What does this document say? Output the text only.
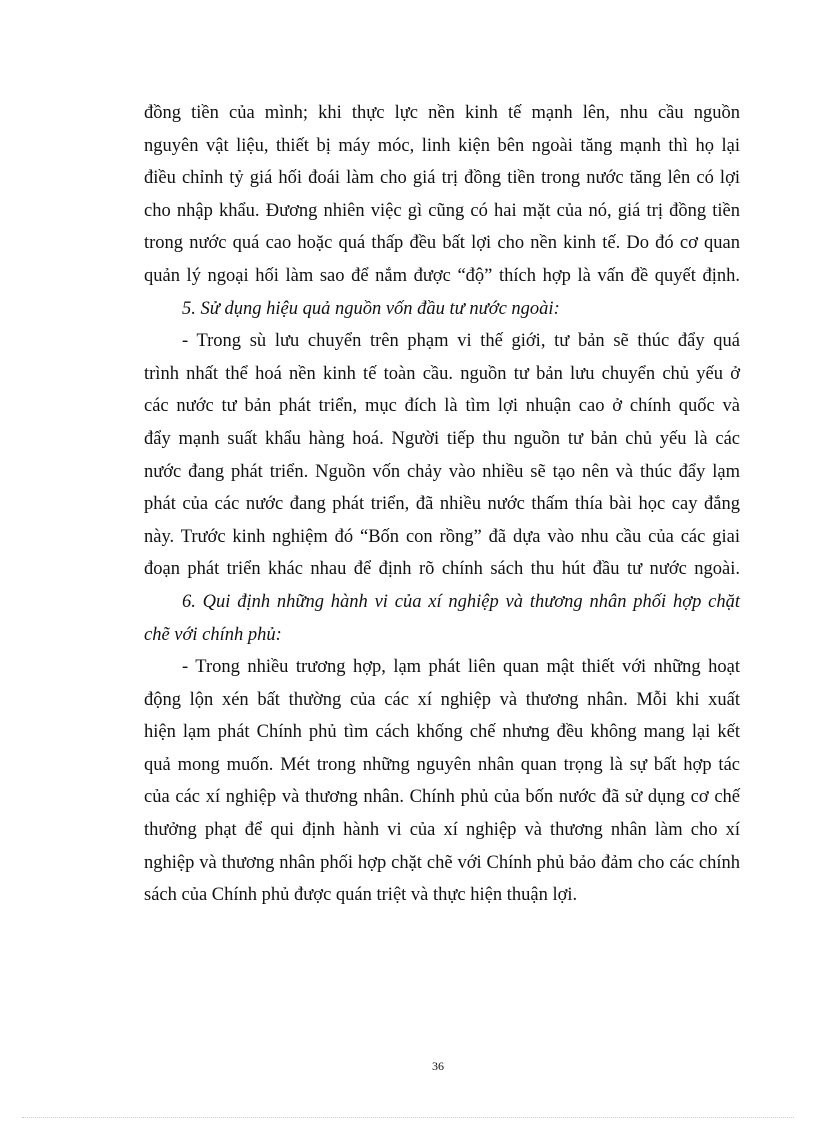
đồng tiền của mình; khi thực lực nền kinh tế mạnh lên, nhu cầu nguồn
nguyên vật liệu, thiết bị máy móc, linh kiện bên ngoài tăng mạnh thì họ lại
điều chỉnh tỷ giá hối đoái làm cho giá trị đồng tiền trong nước tăng lên có lợi
cho nhập khẩu. Đương nhiên việc gì cũng có hai mặt của nó, giá trị đồng tiền
trong nước quá cao hoặc quá thấp đều bất lợi cho nền kinh tế. Do đó cơ quan
quản lý ngoại hối làm sao để nắm được “độ” thích hợp là vấn đề quyết định.
5. Sử dụng hiệu quả nguồn vốn đầu tư nước ngoài:
- Trong sù lưu chuyển trên phạm vi thế giới, tư bản sẽ thúc đẩy quá
trình nhất thể hoá nền kinh tế toàn cầu. nguồn tư bản lưu chuyển chủ yếu ở
các nước tư bản phát triển, mục đích là tìm lợi nhuận cao ở chính quốc và
đẩy mạnh suất khẩu hàng hoá. Người tiếp thu nguồn tư bản chủ yếu là các
nước đang phát triển. Nguồn vốn chảy vào nhiều sẽ tạo nên và thúc đẩy lạm
phát của các nước đang phát triển, đã nhiều nước thấm thía bài học cay đắng
này. Trước kinh nghiệm đó “Bốn con rồng” đã dựa vào nhu cầu của các giai
đoạn phát triển khác nhau để định rõ chính sách thu hút đầu tư nước ngoài.
6. Qui định những hành vi của xí nghiệp và thương nhân phối hợp chặt
chẽ với chính phủ:
- Trong nhiều trương hợp, lạm phát liên quan mật thiết với những hoạt
động lộn xén bất thường của các xí nghiệp và thương nhân. Mỗi khi xuất
hiện lạm phát Chính phủ tìm cách khống chế nhưng đều không mang lại kết
quả mong muốn. Mét trong những nguyên nhân quan trọng là sự bất hợp tác
của các xí nghiệp và thương nhân. Chính phủ của bốn nước đã sử dụng cơ chế
thưởng phạt để qui định hành vi của xí nghiệp và thương nhân làm cho xí
nghiệp và thương nhân phối hợp chặt chẽ với Chính phủ bảo đảm cho các chính
sách của Chính phủ được quán triệt và thực hiện thuận lợi.
36
